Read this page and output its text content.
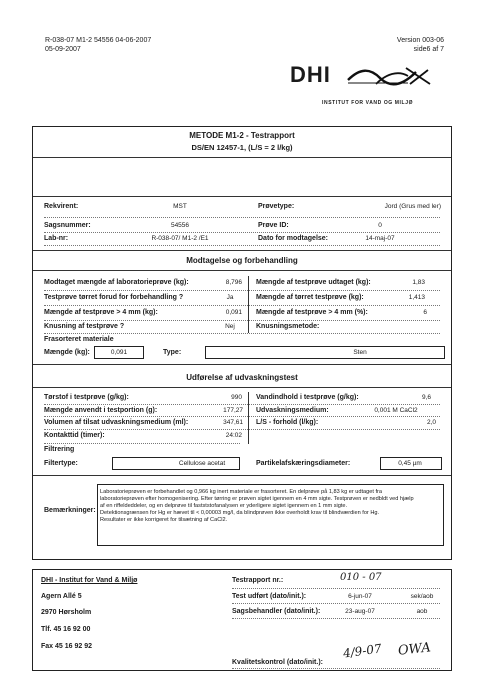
R-038-07 M1-2 54556 04-06-2007
05-09-2007
Version 003-06
side6 af 7
DHI
INSTITUT FOR VAND OG MILJØ
METODE M1-2 - Testrapport
DS/EN 12457-1, (L/S = 2 l/kg)
Rekvirent:	MST	Prøvetype:	Jord (Grus med ler)
Sagsnummer:	54556	Prøve ID:	0
Lab-nr:	R-038-07/ M1-2 /E1	Dato for modtagelse:	14-maj-07
Modtagelse og forbehandling
Modtaget mængde af laboratorieprøve (kg):	8,796 Mængde af testprøve udtaget (kg):	1,83
Testprøve tørret forud for forbehandling ?	Ja	Mængde af tørret testprøve (kg):	1,413
Mængde af testprøve > 4 mm (kg):	0,091 Mængde af testprøve > 4 mm (%):	6
Knusning af testprøve ?	Nej	Knusningsmetode:
Frasorteret materiale
Mængde (kg):	0,091	Type:	Sten
Udførelse af udvaskningstest
Tørstof i testprøve (g/kg):	990 Vandindhold i testprøve (g/kg):	9,6
Mængde anvendt i testportion (g):	177,27 Udvaskningsmedium:	0,001 M CaCl2
Volumen af tilsat udvaskningsmedium (ml):	347,61 L/S - forhold (l/kg):	2,0
Kontakttid (timer):	24:02
Filtrering
Filtertype:	Cellulose acetat	Partikelafskæringsdiameter:	0,45 µm
Bemærkninger:
Laboratorieprøven er forbehandlet og 0,966 kg inert materiale er frasorteret. En delprøve på 1,83 kg er udtaget fra
laboratorieprøven efter homogenisering. Efter tørring er prøven sigtet igennem en 4 mm sigte. Testprøven er nedbldt ved hjælp
af en riffeldeddeler, og en delprøve til fastststofanalysen er yderligere sigtet igennem en 1 mm sigte.
Detektionsgrænsen for Hg er hævet til < 0,00003 mg/l, da blindprøven ikke overholdt krav til blindværdien for Hg.
Resultater er ikke korrigeret for tilsætning af CaCl2.
DHI - Institut for Vand & Miljø
Agern Allé 5
2970 Hørsholm
Tlf. 45 16 92 00
Fax 45 16 92 92
Testrapport nr.:	010 - 07
Test udført (dato/init.):	6-jun-07	sek/aob
Sagsbehandler (dato/init.):	23-aug-07	aob
Kvalitetskontrol (dato/init.):
4/9-07 OWA
